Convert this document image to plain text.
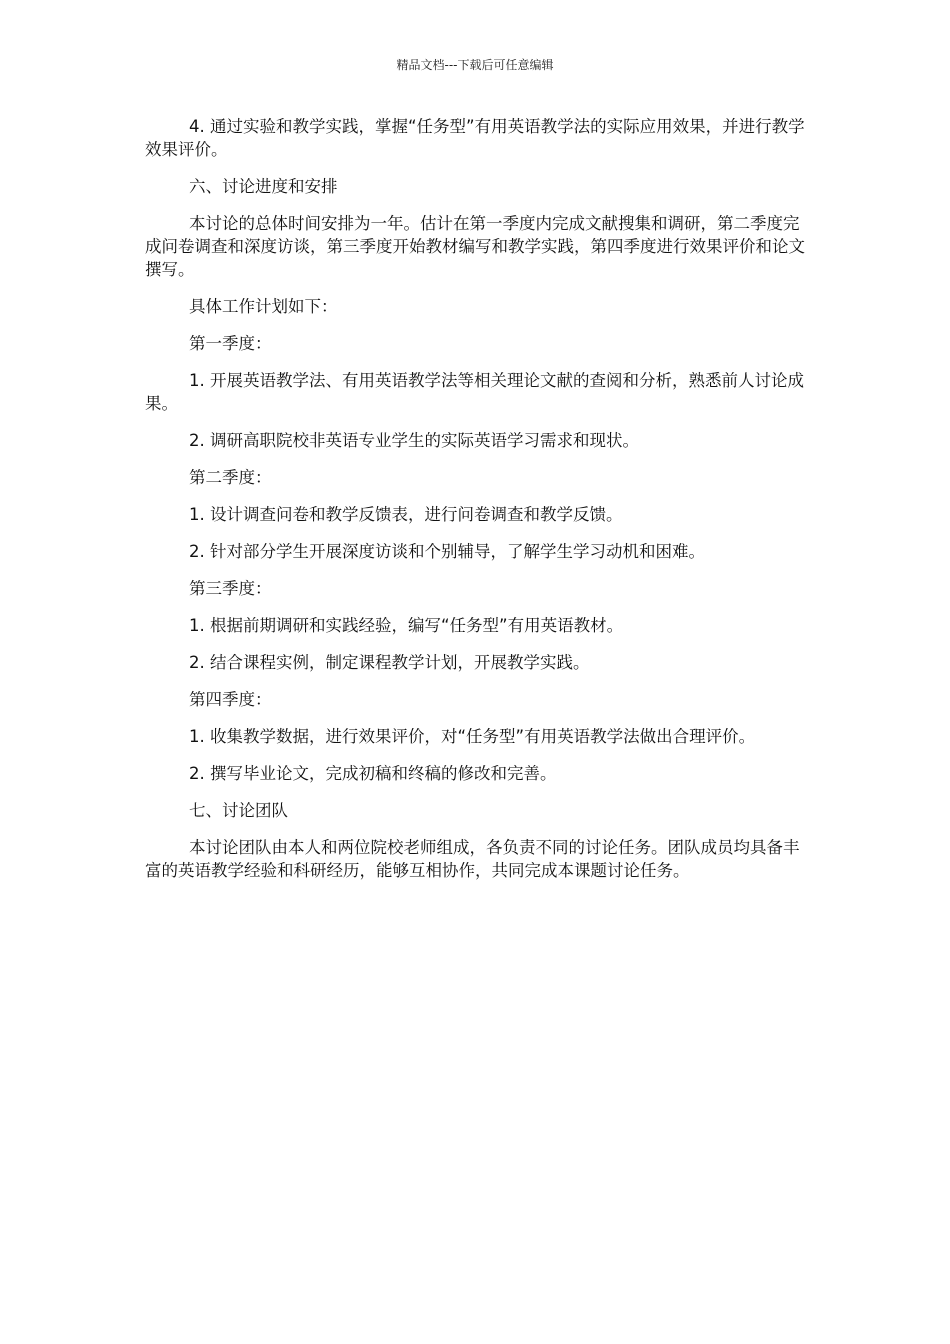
精品文档---下载后可任意编辑

4. 通过实验和教学实践，掌握“任务型”有用英语教学法的实际应用效果，并进行教学效果评价。

六、讨论进度和安排

本讨论的总体时间安排为一年。估计在第一季度内完成文献搜集和调研，第二季度完成问卷调查和深度访谈，第三季度开始教材编写和教学实践，第四季度进行效果评价和论文撰写。

具体工作计划如下：

第一季度：

1. 开展英语教学法、有用英语教学法等相关理论文献的查阅和分析，熟悉前人讨论成果。

2. 调研高职院校非英语专业学生的实际英语学习需求和现状。

第二季度：

1. 设计调查问卷和教学反馈表，进行问卷调查和教学反馈。

2. 针对部分学生开展深度访谈和个别辅导，了解学生学习动机和困难。

第三季度：

1. 根据前期调研和实践经验，编写“任务型”有用英语教材。

2. 结合课程实例，制定课程教学计划，开展教学实践。

第四季度：

1. 收集教学数据，进行效果评价，对“任务型”有用英语教学法做出合理评价。

2. 撰写毕业论文，完成初稿和终稿的修改和完善。

七、讨论团队

本讨论团队由本人和两位院校老师组成，各负责不同的讨论任务。团队成员均具备丰富的英语教学经验和科研经历，能够互相协作，共同完成本课题讨论任务。
